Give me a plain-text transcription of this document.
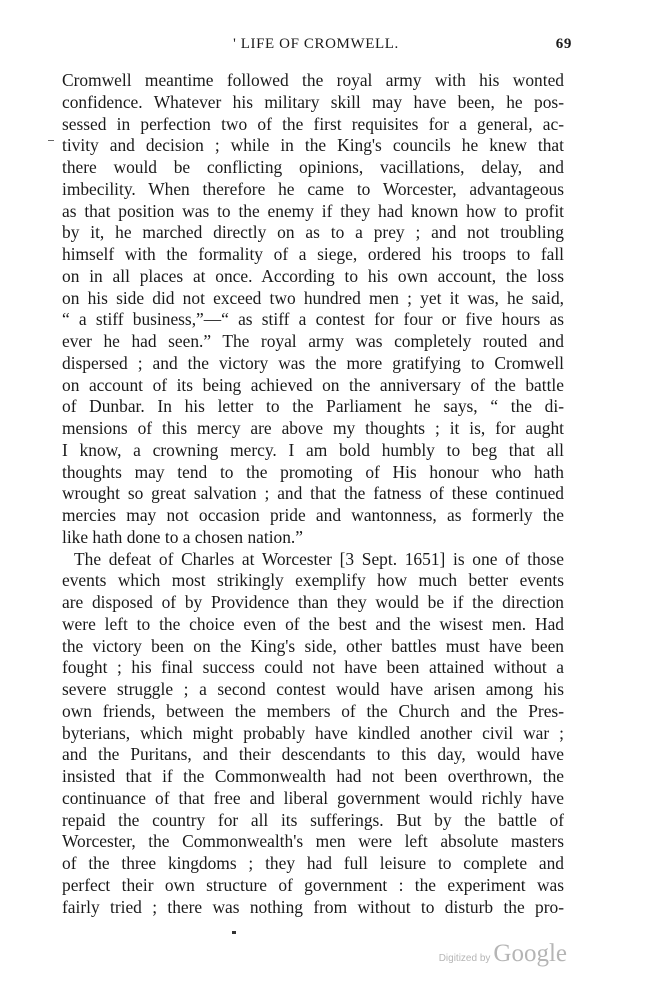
' LIFE OF CROMWELL.	69
Cromwell meantime followed the royal army with his wonted
confidence. Whatever his military skill may have been, he pos-
sessed in perfection two of the first requisites for a general, ac-
tivity and decision ; while in the King's councils he knew that
there would be conflicting opinions, vacillations, delay, and
imbecility. When therefore he came to Worcester, advantageous
as that position was to the enemy if they had known how to profit
by it, he marched directly on as to a prey ; and not troubling
himself with the formality of a siege, ordered his troops to fall
on in all places at once. According to his own account, the loss
on his side did not exceed two hundred men ; yet it was, he said,
“ a stiff business,”—“ as stiff a contest for four or five hours as
ever he had seen.” The royal army was completely routed and
dispersed ; and the victory was the more gratifying to Cromwell
on account of its being achieved on the anniversary of the battle
of Dunbar. In his letter to the Parliament he says, “ the di-
mensions of this mercy are above my thoughts ; it is, for aught
I know, a crowning mercy. I am bold humbly to beg that all
thoughts may tend to the promoting of His honour who hath
wrought so great salvation ; and that the fatness of these continued
mercies may not occasion pride and wantonness, as formerly the
like hath done to a chosen nation.”
The defeat of Charles at Worcester [3 Sept. 1651] is one of those
events which most strikingly exemplify how much better events
are disposed of by Providence than they would be if the direction
were left to the choice even of the best and the wisest men. Had
the victory been on the King's side, other battles must have been
fought ; his final success could not have been attained without a
severe struggle ; a second contest would have arisen among his
own friends, between the members of the Church and the Pres-
byterians, which might probably have kindled another civil war ;
and the Puritans, and their descendants to this day, would have
insisted that if the Commonwealth had not been overthrown, the
continuance of that free and liberal government would richly have
repaid the country for all its sufferings. But by the battle of
Worcester, the Commonwealth's men were left absolute masters
of the three kingdoms ; they had full leisure to complete and
perfect their own structure of government : the experiment was
fairly tried ; there was nothing from without to disturb the pro-
Digitized by Google
